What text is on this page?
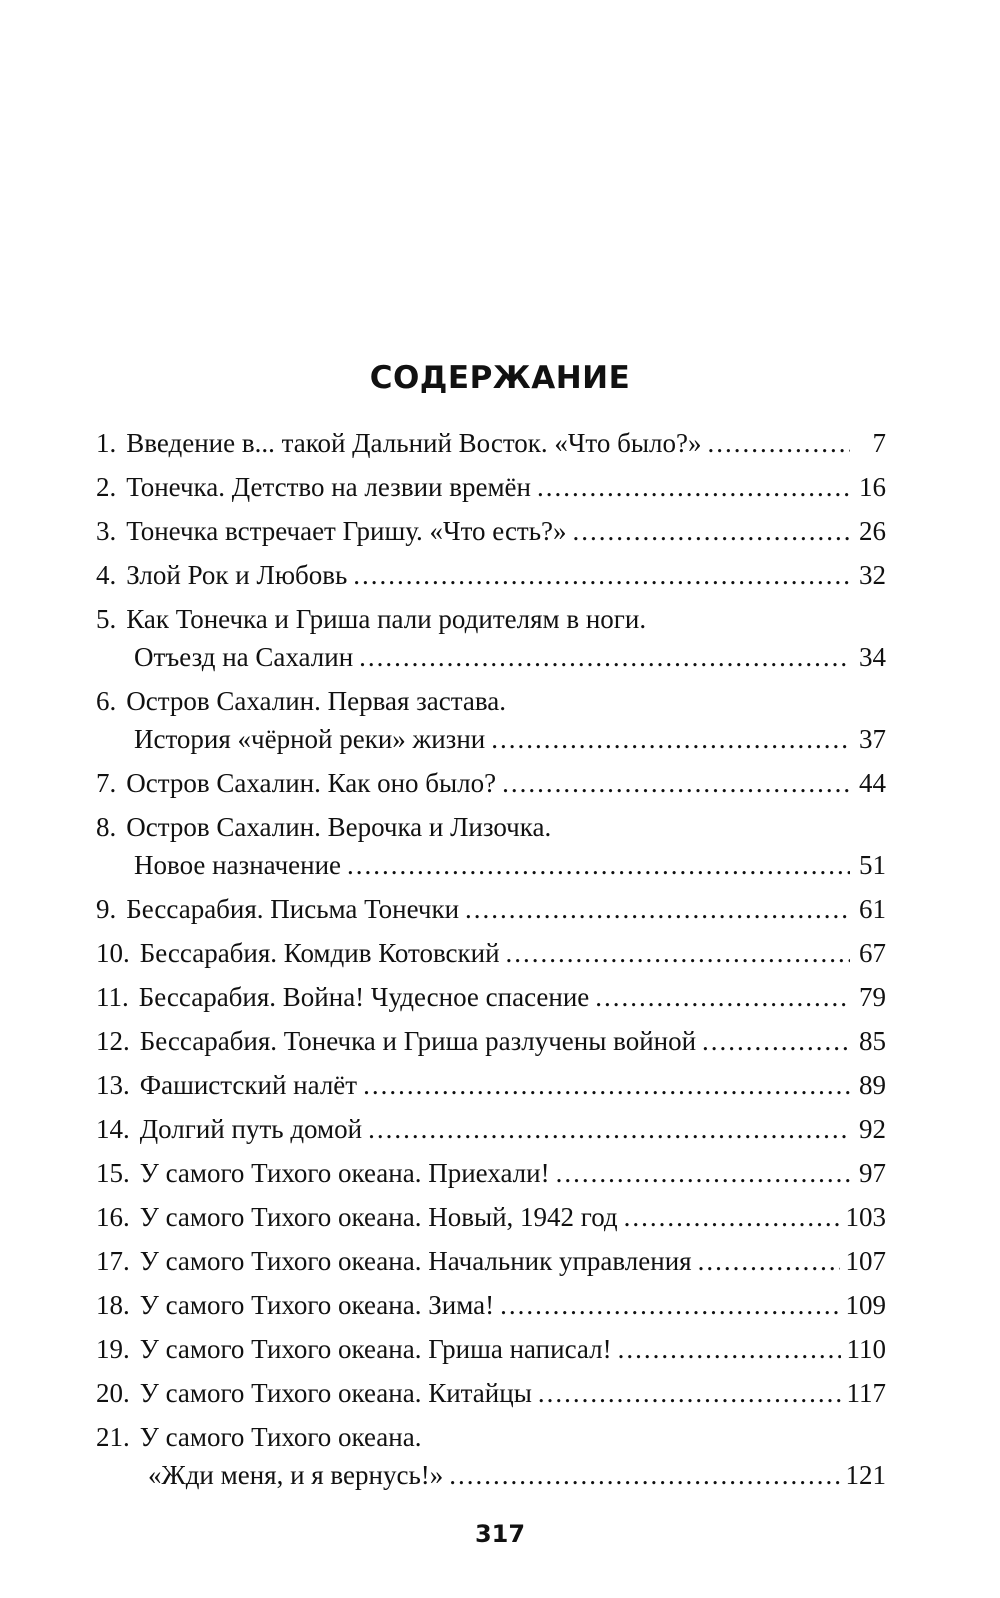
СОДЕРЖАНИЕ
1. Введение в... такой Дальний Восток. «Что было?» .....	7
2. Тонечка. Детство на лезвии времён .....	16
3. Тонечка встречает Гришу. «Что есть?» .....	26
4. Злой Рок и Любовь .....	32
5. Как Тонечка и Гриша пали родителям в ноги.
Отъезд на Сахалин .....	34
6. Остров Сахалин. Первая застава.
История «чёрной реки» жизни .....	37
7. Остров Сахалин. Как оно было? .....	44
8. Остров Сахалин. Верочка и Лизочка.
Новое назначение .....	51
9. Бессарабия. Письма Тонечки .....	61
10. Бессарабия. Комдив Котовский .....	67
11. Бессарабия. Война! Чудесное спасение .....	79
12. Бессарабия. Тонечка и Гриша разлучены войной .....	85
13. Фашистский налёт .....	89
14. Долгий путь домой .....	92
15. У самого Тихого океана. Приехали! .....	97
16. У самого Тихого океана. Новый, 1942 год .....	103
17. У самого Тихого океана. Начальник управления .....	107
18. У самого Тихого океана. Зима! .....	109
19. У самого Тихого океана. Гриша написал! .....	110
20. У самого Тихого океана. Китайцы .....	117
21. У самого Тихого океана.
«Жди меня, и я вернусь!» .....	121
317
